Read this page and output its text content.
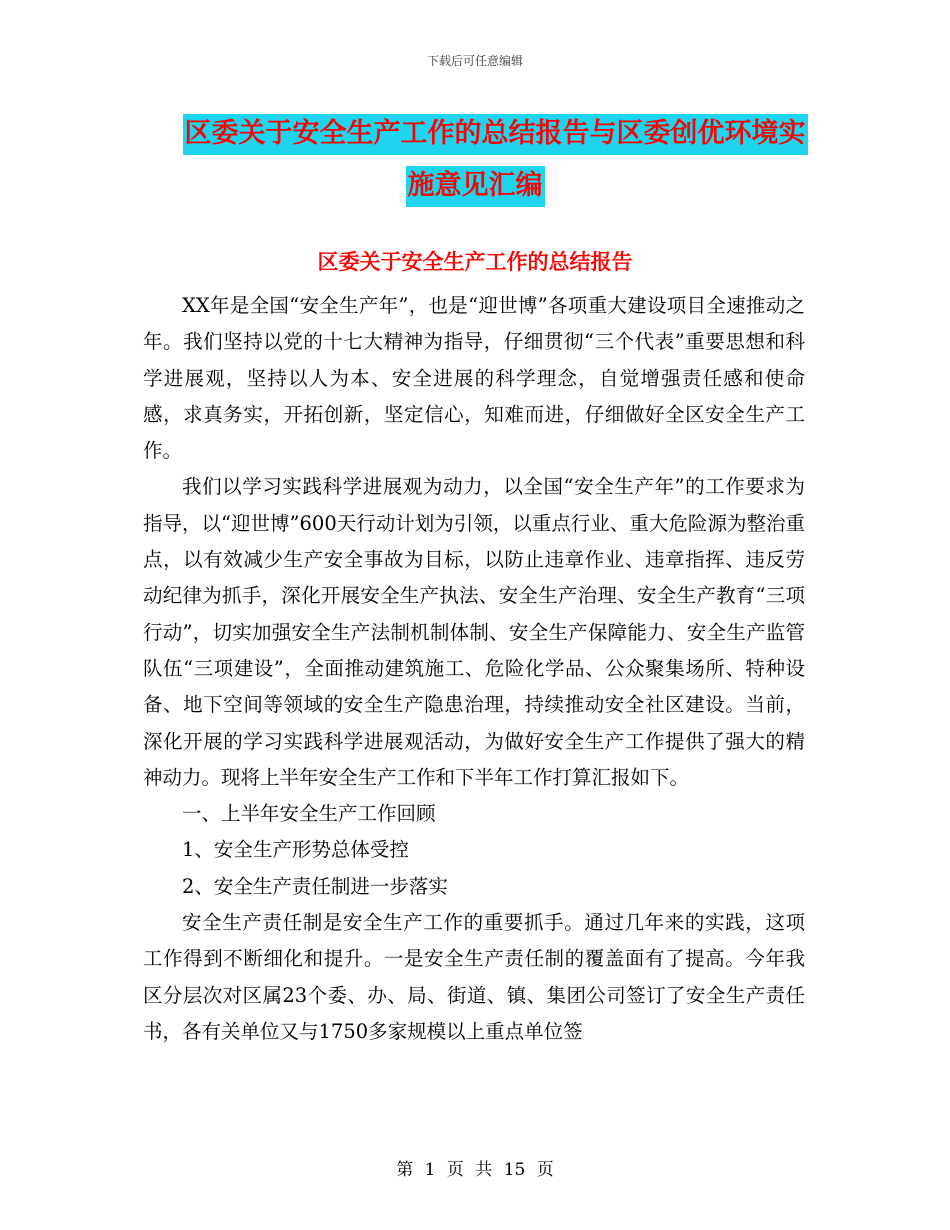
下载后可任意编辑
区委关于安全生产工作的总结报告与区委创优环境实
施意见汇编
区委关于安全生产工作的总结报告

XX年是全国“安全生产年”，也是“迎世博”各项重大建设项目全速推动之年。我们坚持以党的十七大精神为指导，仔细贯彻“三个代表”重要思想和科学进展观，坚持以人为本、安全进展的科学理念，自觉增强责任感和使命感，求真务实，开拓创新，坚定信心，知难而进，仔细做好全区安全生产工作。

我们以学习实践科学进展观为动力，以全国“安全生产年”的工作要求为指导，以“迎世博”600天行动计划为引领，以重点行业、重大危险源为整治重点，以有效减少生产安全事故为目标，以防止违章作业、违章指挥、违反劳动纪律为抓手，深化开展安全生产执法、安全生产治理、安全生产教育“三项行动”，切实加强安全生产法制机制体制、安全生产保障能力、安全生产监管队伍“三项建设”，全面推动建筑施工、危险化学品、公众聚集场所、特种设备、地下空间等领域的安全生产隐患治理，持续推动安全社区建设。当前，深化开展的学习实践科学进展观活动，为做好安全生产工作提供了强大的精神动力。现将上半年安全生产工作和下半年工作打算汇报如下。

一、上半年安全生产工作回顾

1、安全生产形势总体受控

2、安全生产责任制进一步落实

安全生产责任制是安全生产工作的重要抓手。通过几年来的实践，这项工作得到不断细化和提升。一是安全生产责任制的覆盖面有了提高。今年我区分层次对区属23个委、办、局、街道、镇、集团公司签订了安全生产责任书，各有关单位又与1750多家规模以上重点单位签

第 1 页 共 15 页
